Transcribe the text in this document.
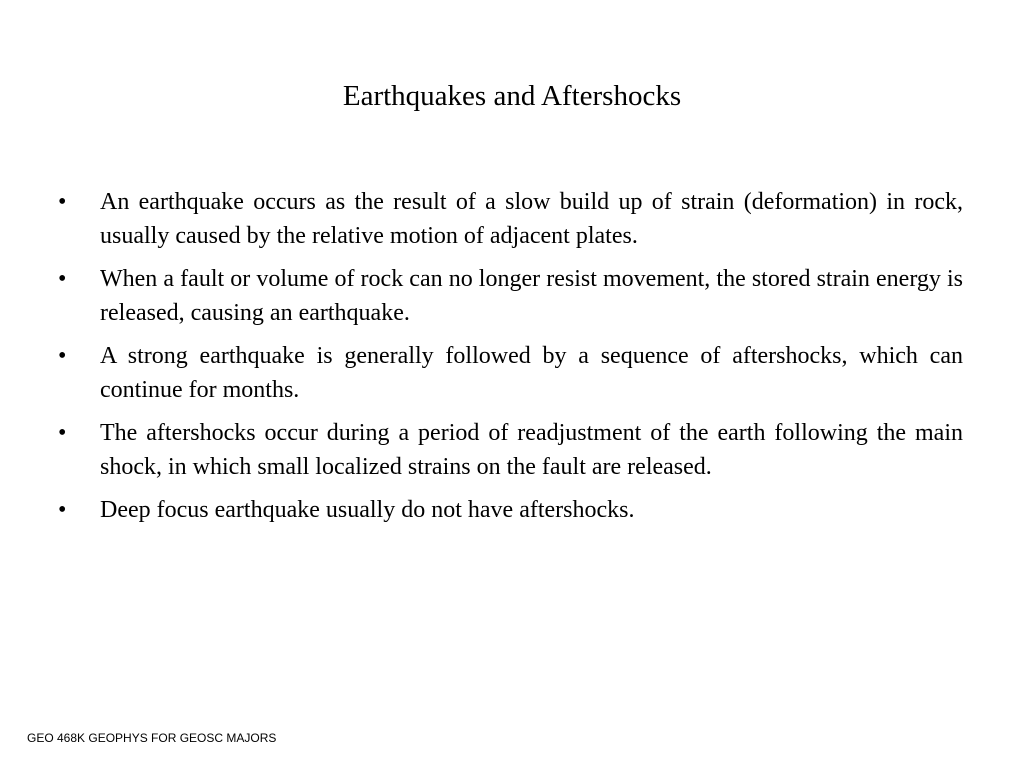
Earthquakes and Aftershocks
•	An earthquake occurs as the result of a slow build up of strain (deformation) in rock, usually caused by the relative motion of adjacent plates.
•	When a fault or volume of rock can no longer resist movement, the stored strain energy is released, causing an earthquake.
•	A strong earthquake is generally followed by a sequence of aftershocks, which can continue for months.
•	The aftershocks occur during a period of readjustment of the earth following the main shock, in which small localized strains on the fault are released.
•	Deep focus earthquake usually do not have aftershocks.
GEO 468K GEOPHYS FOR GEOSC MAJORS
